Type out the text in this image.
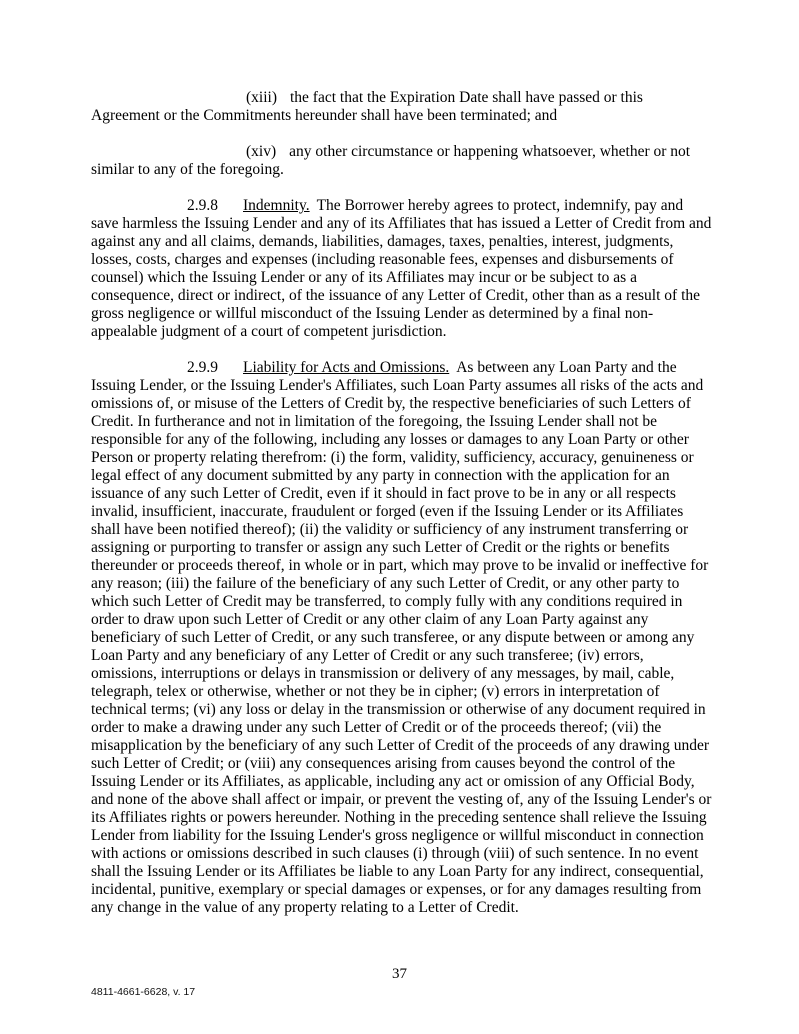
(xiii) the fact that the Expiration Date shall have passed or this Agreement or the Commitments hereunder shall have been terminated; and

(xiv) any other circumstance or happening whatsoever, whether or not similar to any of the foregoing.

2.9.8 Indemnity. The Borrower hereby agrees to protect, indemnify, pay and save harmless the Issuing Lender and any of its Affiliates that has issued a Letter of Credit from and against any and all claims, demands, liabilities, damages, taxes, penalties, interest, judgments, losses, costs, charges and expenses (including reasonable fees, expenses and disbursements of counsel) which the Issuing Lender or any of its Affiliates may incur or be subject to as a consequence, direct or indirect, of the issuance of any Letter of Credit, other than as a result of the gross negligence or willful misconduct of the Issuing Lender as determined by a final non-appealable judgment of a court of competent jurisdiction.

2.9.9 Liability for Acts and Omissions. As between any Loan Party and the Issuing Lender, or the Issuing Lender's Affiliates, such Loan Party assumes all risks of the acts and omissions of, or misuse of the Letters of Credit by, the respective beneficiaries of such Letters of Credit. In furtherance and not in limitation of the foregoing, the Issuing Lender shall not be responsible for any of the following, including any losses or damages to any Loan Party or other Person or property relating therefrom: (i) the form, validity, sufficiency, accuracy, genuineness or legal effect of any document submitted by any party in connection with the application for an issuance of any such Letter of Credit, even if it should in fact prove to be in any or all respects invalid, insufficient, inaccurate, fraudulent or forged (even if the Issuing Lender or its Affiliates shall have been notified thereof); (ii) the validity or sufficiency of any instrument transferring or assigning or purporting to transfer or assign any such Letter of Credit or the rights or benefits thereunder or proceeds thereof, in whole or in part, which may prove to be invalid or ineffective for any reason; (iii) the failure of the beneficiary of any such Letter of Credit, or any other party to which such Letter of Credit may be transferred, to comply fully with any conditions required in order to draw upon such Letter of Credit or any other claim of any Loan Party against any beneficiary of such Letter of Credit, or any such transferee, or any dispute between or among any Loan Party and any beneficiary of any Letter of Credit or any such transferee; (iv) errors, omissions, interruptions or delays in transmission or delivery of any messages, by mail, cable, telegraph, telex or otherwise, whether or not they be in cipher; (v) errors in interpretation of technical terms; (vi) any loss or delay in the transmission or otherwise of any document required in order to make a drawing under any such Letter of Credit or of the proceeds thereof; (vii) the misapplication by the beneficiary of any such Letter of Credit of the proceeds of any drawing under such Letter of Credit; or (viii) any consequences arising from causes beyond the control of the Issuing Lender or its Affiliates, as applicable, including any act or omission of any Official Body, and none of the above shall affect or impair, or prevent the vesting of, any of the Issuing Lender's or its Affiliates rights or powers hereunder. Nothing in the preceding sentence shall relieve the Issuing Lender from liability for the Issuing Lender's gross negligence or willful misconduct in connection with actions or omissions described in such clauses (i) through (viii) of such sentence. In no event shall the Issuing Lender or its Affiliates be liable to any Loan Party for any indirect, consequential, incidental, punitive, exemplary or special damages or expenses, or for any damages resulting from any change in the value of any property relating to a Letter of Credit.

37
4811-4661-6628, v. 17
